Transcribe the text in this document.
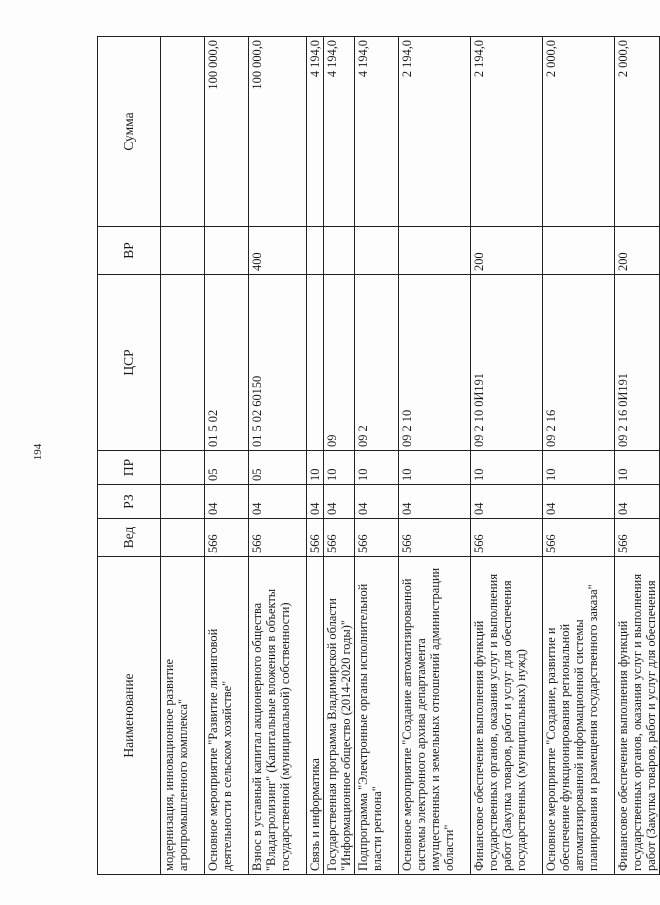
194
Наименование	Вед	РЗ	ПР	ЦСР	ВР	Сумма
модернизация, инновационное развитие агропромышленного комплекса"						
Основное мероприятие "Развитие лизинговой деятельности в сельском хозяйстве"	566	04	05	01 5 02		100 000,0
Взнос в уставный капитал акционерного общества "Владагролизинг" (Капитальные вложения в объекты государственной (муниципальной) собственности)	566	04	05	01 5 02 60150	400	100 000,0
Связь и информатика	566	04	10			4 194,0
Государственная программа Владимирской области "Информационное общество (2014-2020 годы)"	566	04	10	09		4 194,0
Подпрограмма "Электронные органы исполнительной власти региона"	566	04	10	09 2		4 194,0
Основное мероприятие "Создание автоматизированной системы электронного архива департамента имущественных и земельных отношений администрации области"	566	04	10	09 2 10		2 194,0
Финансовое обеспечение выполнения функций государственных органов, оказания услуг и выполнения работ (Закупка товаров, работ и услуг для обеспечения государственных (муниципальных) нужд)	566	04	10	09 2 10 0И191	200	2 194,0
Основное мероприятие "Создание, развитие и обеспечение функционирования региональной автоматизированной информационной системы планирования и размещения государственного заказа"	566	04	10	09 2 16		2 000,0
Финансовое обеспечение выполнения функций государственных органов, оказания услуг и выполнения работ (Закупка товаров, работ и услуг для обеспечения	566	04	10	09 2 16 0И191	200	2 000,0
